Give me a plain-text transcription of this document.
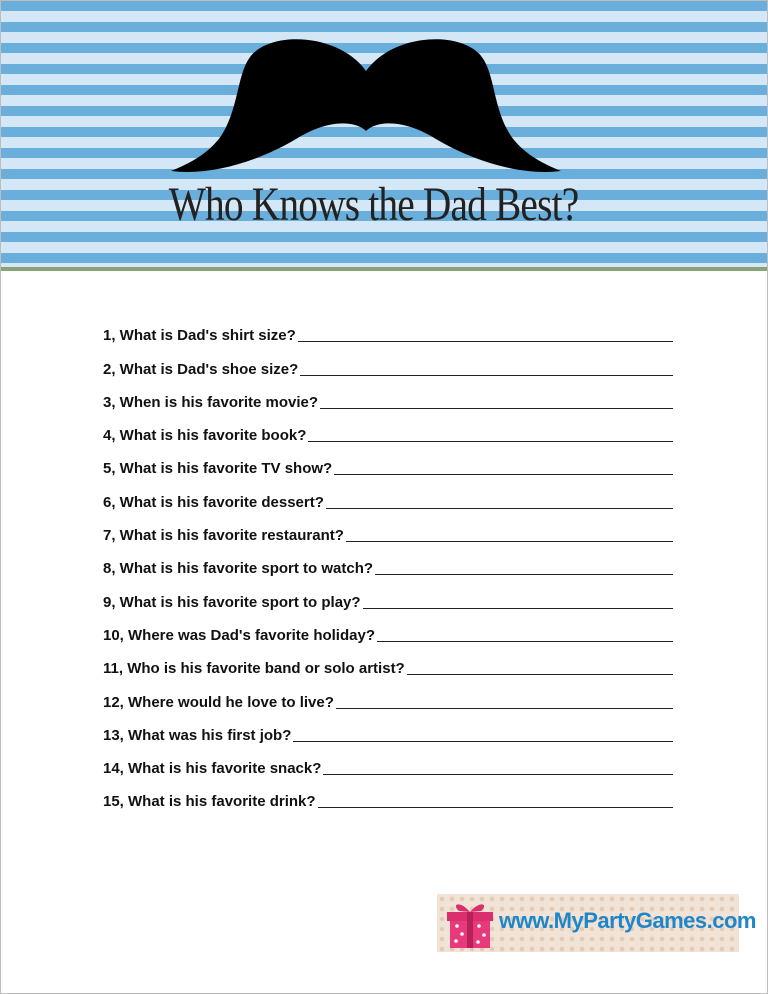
Who Knows the Dad Best?
1, What is Dad's shirt size?
2, What is Dad's shoe size?
3, When is his favorite movie?
4, What is his favorite book?
5, What is his favorite TV show?
6, What is his favorite dessert?
7, What is his favorite restaurant?
8, What is his favorite sport to watch?
9, What is his favorite sport to play?
10, Where was Dad's favorite holiday?
11, Who is his favorite band or solo artist?
12, Where would he love to live?
13, What was his first job?
14, What is his favorite snack?
15, What is his favorite drink?
www.MyPartyGames.com
